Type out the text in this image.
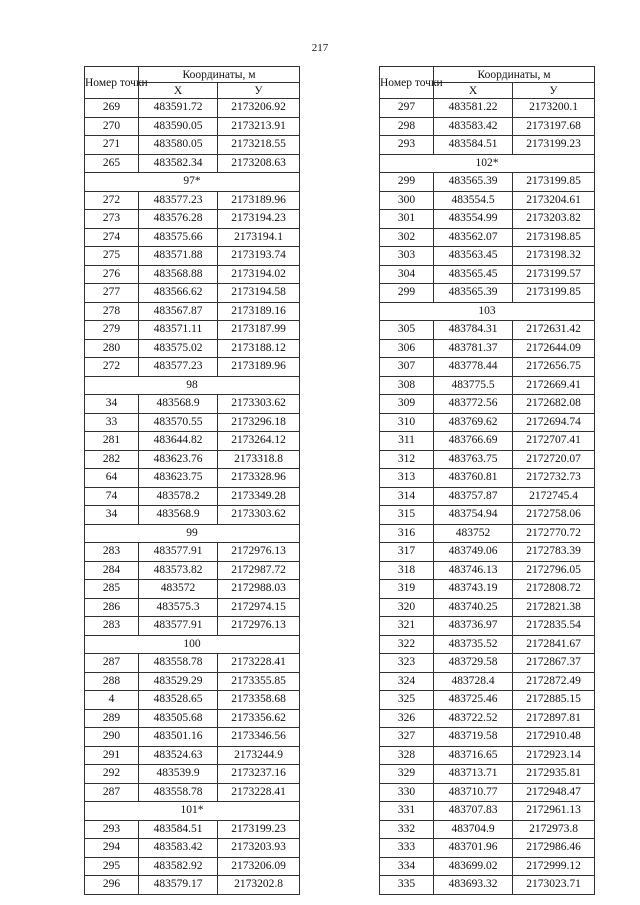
217
Номер точки	Координаты, м	
	X	У
269	483591.72	2173206.92
270	483590.05	2173213.91
271	483580.05	2173218.55
265	483582.34	2173208.63
97*		
272	483577.23	2173189.96
273	483576.28	2173194.23
274	483575.66	2173194.1
275	483571.88	2173193.74
276	483568.88	2173194.02
277	483566.62	2173194.58
278	483567.87	2173189.16
279	483571.11	2173187.99
280	483575.02	2173188.12
272	483577.23	2173189.96
98		
34	483568.9	2173303.62
33	483570.55	2173296.18
281	483644.82	2173264.12
282	483623.76	2173318.8
64	483623.75	2173328.96
74	483578.2	2173349.28
34	483568.9	2173303.62
99		
283	483577.91	2172976.13
284	483573.82	2172987.72
285	483572	2172988.03
286	483575.3	2172974.15
283	483577.91	2172976.13
100		
287	483558.78	2173228.41
288	483529.29	2173355.85
4	483528.65	2173358.68
289	483505.68	2173356.62
290	483501.16	2173346.56
291	483524.63	2173244.9
292	483539.9	2173237.16
287	483558.78	2173228.41
101*		
293	483584.51	2173199.23
294	483583.42	2173203.93
295	483582.92	2173206.09
296	483579.17	2173202.8
Номер точки	Координаты, м	
	X	У
297	483581.22	2173200.1
298	483583.42	2173197.68
293	483584.51	2173199.23
102*		
299	483565.39	2173199.85
300	483554.5	2173204.61
301	483554.99	2173203.82
302	483562.07	2173198.85
303	483563.45	2173198.32
304	483565.45	2173199.57
299	483565.39	2173199.85
103		
305	483784.31	2172631.42
306	483781.37	2172644.09
307	483778.44	2172656.75
308	483775.5	2172669.41
309	483772.56	2172682.08
310	483769.62	2172694.74
311	483766.69	2172707.41
312	483763.75	2172720.07
313	483760.81	2172732.73
314	483757.87	2172745.4
315	483754.94	2172758.06
316	483752	2172770.72
317	483749.06	2172783.39
318	483746.13	2172796.05
319	483743.19	2172808.72
320	483740.25	2172821.38
321	483736.97	2172835.54
322	483735.52	2172841.67
323	483729.58	2172867.37
324	483728.4	2172872.49
325	483725.46	2172885.15
326	483722.52	2172897.81
327	483719.58	2172910.48
328	483716.65	2172923.14
329	483713.71	2172935.81
330	483710.77	2172948.47
331	483707.83	2172961.13
332	483704.9	2172973.8
333	483701.96	2172986.46
334	483699.02	2172999.12
335	483693.32	2173023.71
